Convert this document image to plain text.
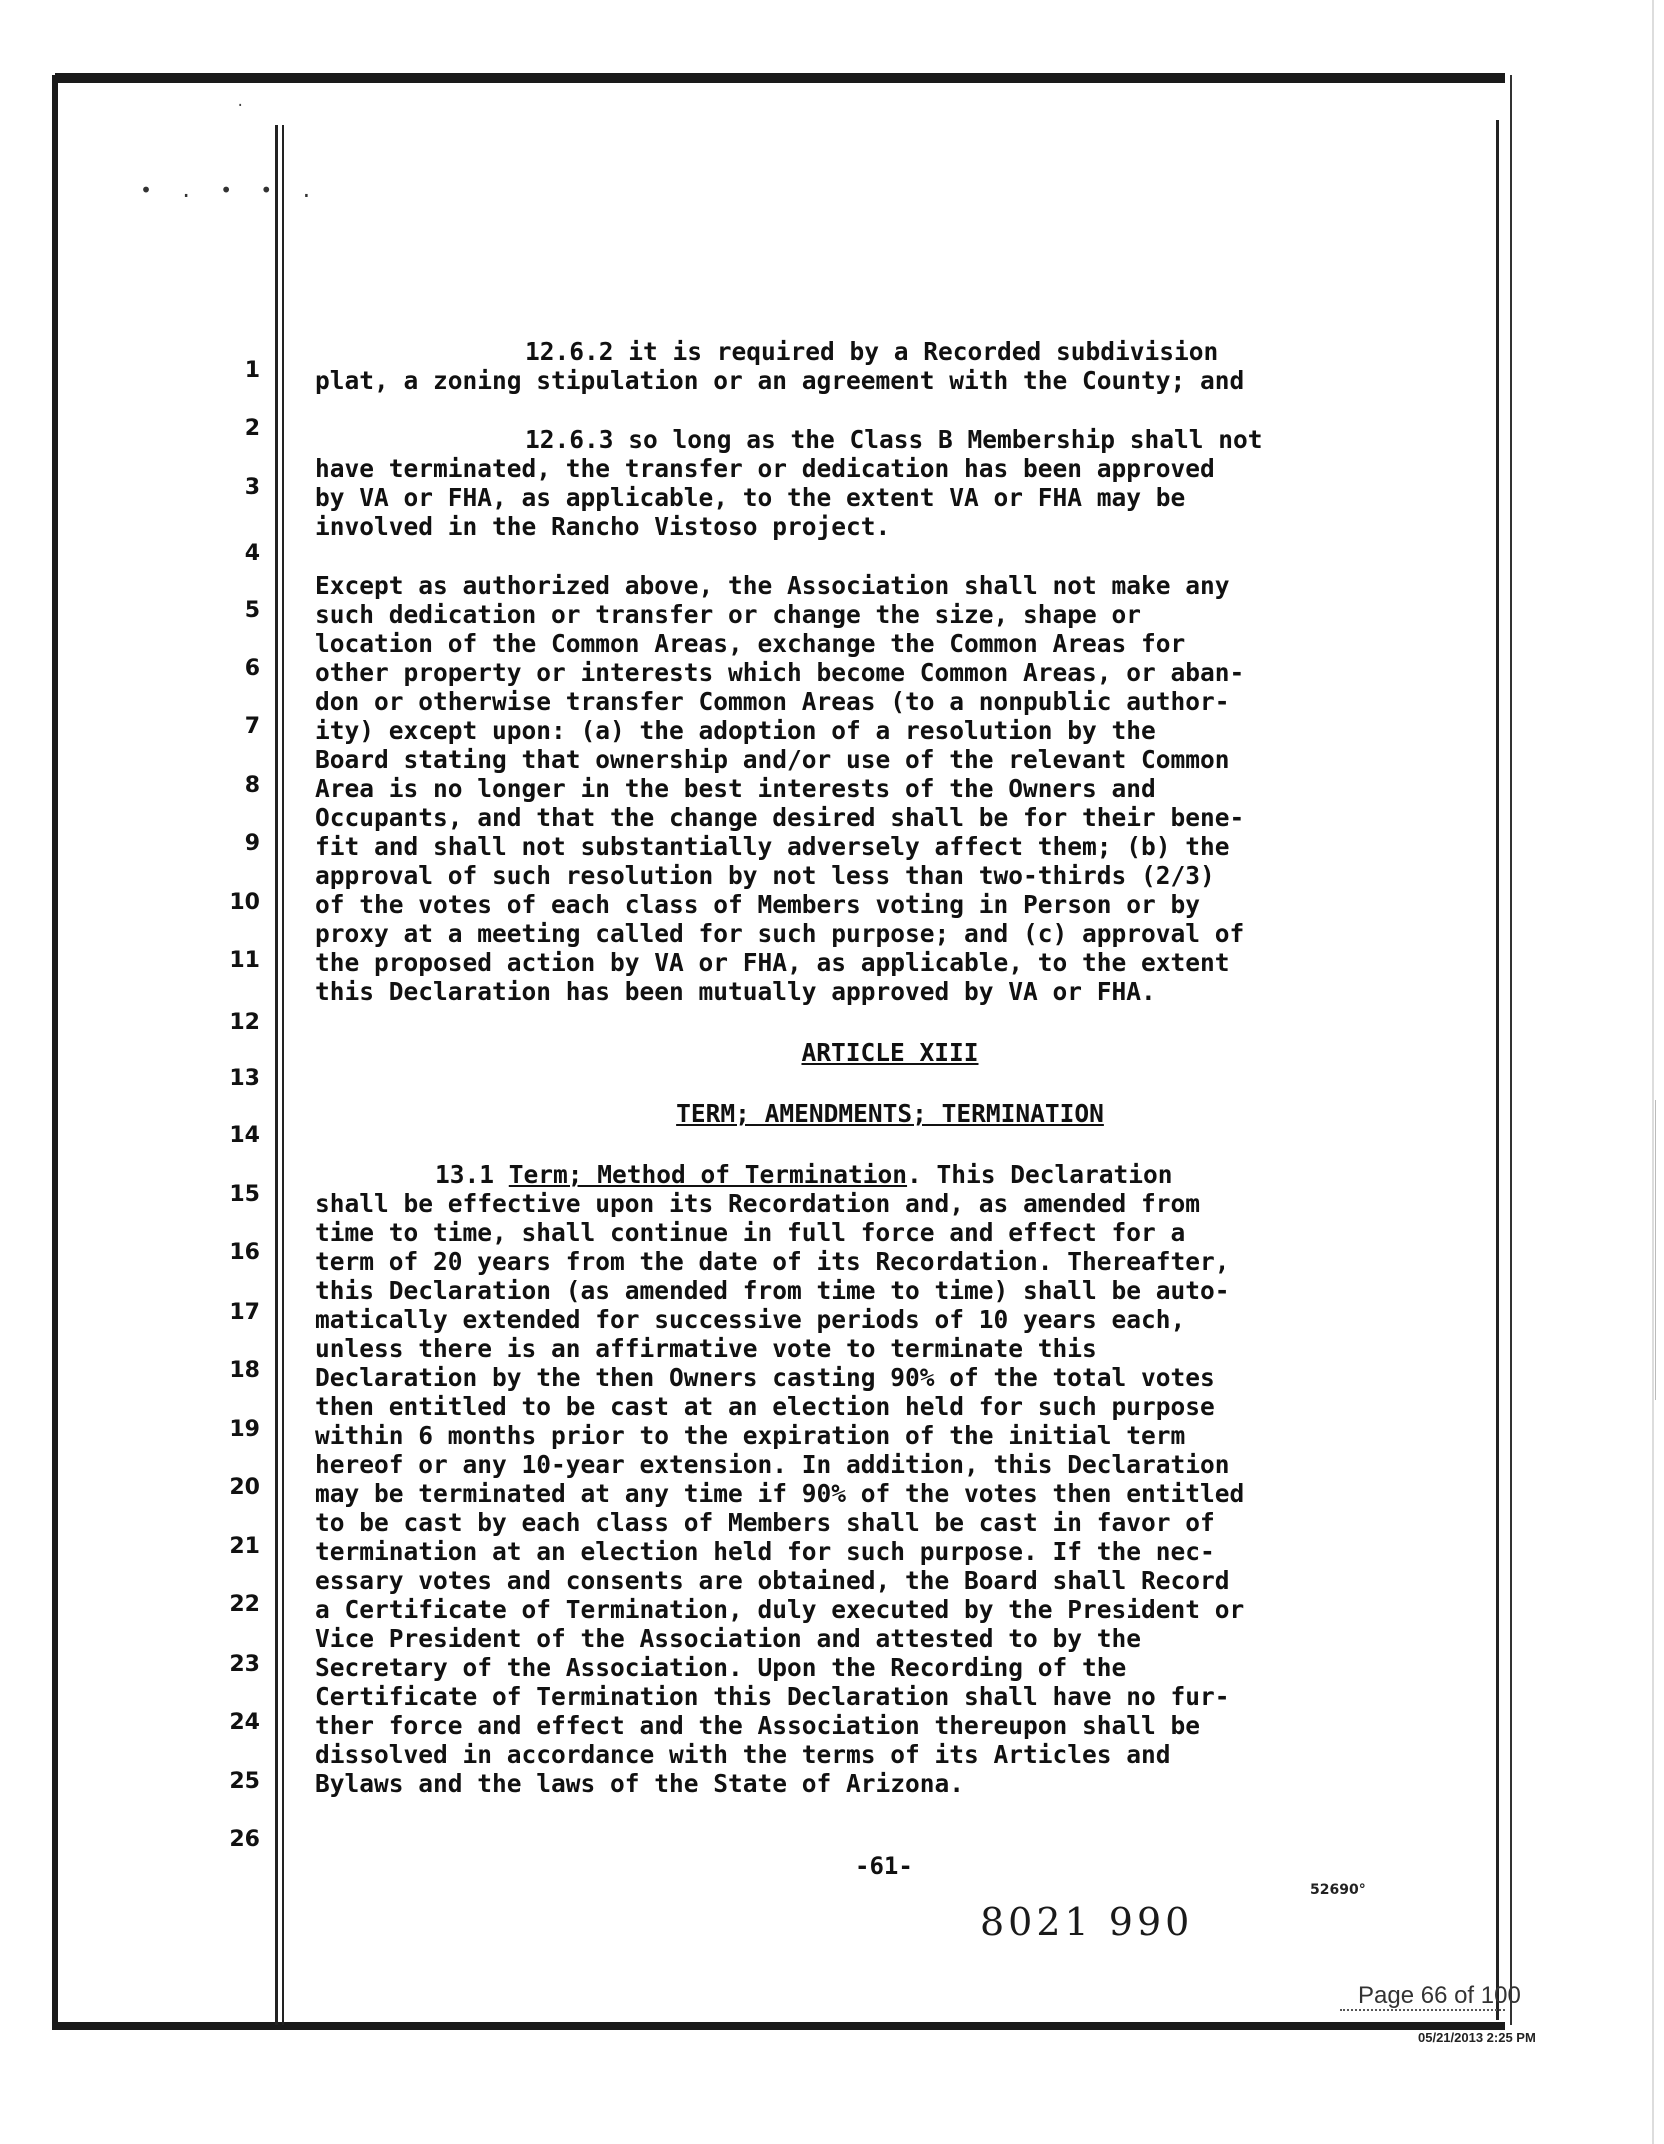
• . • • .
·
1
2
3
4
5
6
7
8
9
10
11
12
13
14
15
16
17
18
19
20
21
22
23
24
25
26
12.6.2 it is required by a Recorded subdivision
plat, a zoning stipulation or an agreement with the County; and
12.6.3 so long as the Class B Membership shall not
have terminated, the transfer or dedication has been approved
by VA or FHA, as applicable, to the extent VA or FHA may be
involved in the Rancho Vistoso project.
Except as authorized above, the Association shall not make any
such dedication or transfer or change the size, shape or
location of the Common Areas, exchange the Common Areas for
other property or interests which become Common Areas, or aban-
don or otherwise transfer Common Areas (to a nonpublic author-
ity) except upon: (a) the adoption of a resolution by the
Board stating that ownership and/or use of the relevant Common
Area is no longer in the best interests of the Owners and
Occupants, and that the change desired shall be for their bene-
fit and shall not substantially adversely affect them; (b) the
approval of such resolution by not less than two-thirds (2/3)
of the votes of each class of Members voting in Person or by
proxy at a meeting called for such purpose; and (c) approval of
the proposed action by VA or FHA, as applicable, to the extent
this Declaration has been mutually approved by VA or FHA.
ARTICLE XIII
TERM; AMENDMENTS; TERMINATION
13.1 Term; Method of Termination. This Declaration
shall be effective upon its Recordation and, as amended from
time to time, shall continue in full force and effect for a
term of 20 years from the date of its Recordation. Thereafter,
this Declaration (as amended from time to time) shall be auto-
matically extended for successive periods of 10 years each,
unless there is an affirmative vote to terminate this
Declaration by the then Owners casting 90% of the total votes
then entitled to be cast at an election held for such purpose
within 6 months prior to the expiration of the initial term
hereof or any 10-year extension. In addition, this Declaration
may be terminated at any time if 90% of the votes then entitled
to be cast by each class of Members shall be cast in favor of
termination at an election held for such purpose. If the nec-
essary votes and consents are obtained, the Board shall Record
a Certificate of Termination, duly executed by the President or
Vice President of the Association and attested to by the
Secretary of the Association. Upon the Recording of the
Certificate of Termination this Declaration shall have no fur-
ther force and effect and the Association thereupon shall be
dissolved in accordance with the terms of its Articles and
Bylaws and the laws of the State of Arizona.
-61-
8021 990
52690°
Page 66 of 100
05/21/2013 2:25 PM
